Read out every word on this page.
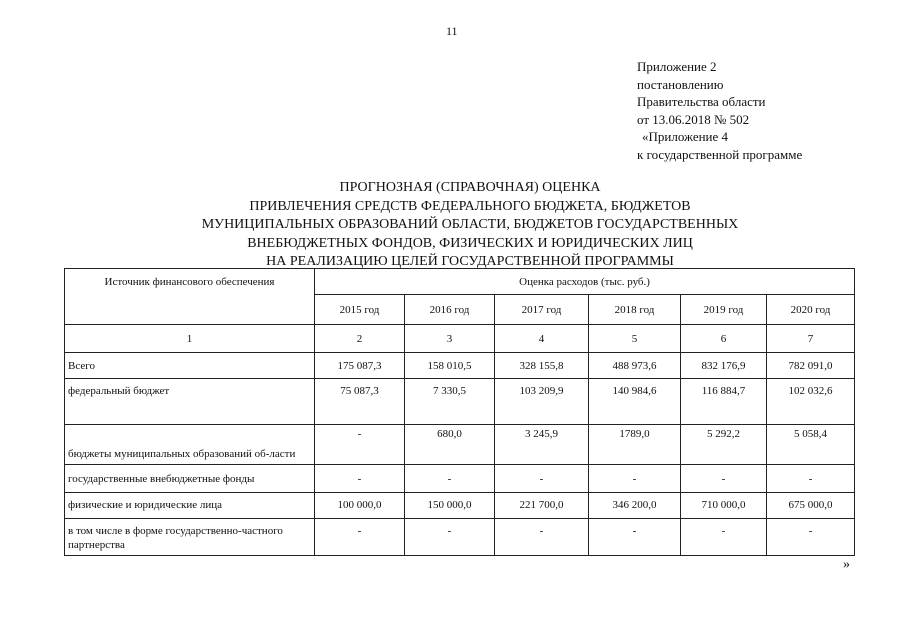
11
Приложение 2
постановлению
Правительства области
от 13.06.2018 № 502
«Приложение 4
к государственной программе
ПРОГНОЗНАЯ (СПРАВОЧНАЯ) ОЦЕНКА
ПРИВЛЕЧЕНИЯ СРЕДСТВ ФЕДЕРАЛЬНОГО БЮДЖЕТА, БЮДЖЕТОВ
МУНИЦИПАЛЬНЫХ ОБРАЗОВАНИЙ ОБЛАСТИ, БЮДЖЕТОВ ГОСУДАРСТВЕННЫХ
ВНЕБЮДЖЕТНЫХ ФОНДОВ, ФИЗИЧЕСКИХ И ЮРИДИЧЕСКИХ ЛИЦ
НА РЕАЛИЗАЦИЮ ЦЕЛЕЙ ГОСУДАРСТВЕННОЙ ПРОГРАММЫ
Источник финансового обеспечения	Оценка расходов (тыс. руб.)					
	2015 год	2016 год	2017 год	2018 год	2019 год	2020 год
1	2	3	4	5	6	7
Всего	175 087,3	158 010,5	328 155,8	488 973,6	832 176,9	782 091,0
федеральный бюджет	75 087,3	7 330,5	103 209,9	140 984,6	116 884,7	102 032,6
бюджеты муниципальных образований об-ласти	-	680,0	3 245,9	1789,0	5 292,2	5 058,4
государственные внебюджетные фонды	-	-	-	-	-	-
физические и юридические лица	100 000,0	150 000,0	221 700,0	346 200,0	710 000,0	675 000,0
в том числе в форме государственно-частного партнерства	-	-	-	-	-	-
»
